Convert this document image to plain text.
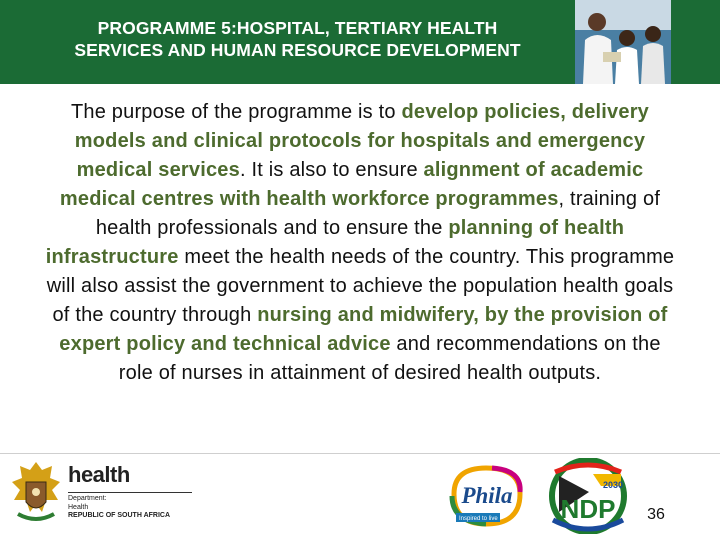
PROGRAMME 5:HOSPITAL, TERTIARY HEALTH
SERVICES AND HUMAN RESOURCE DEVELOPMENT
The purpose of the programme is to develop policies, delivery models and clinical protocols for hospitals and emergency medical services. It is also to ensure alignment of academic medical centres with health workforce programmes, training of health professionals and to ensure the planning of health infrastructure meet the health needs of the country. This programme will also assist the government to achieve the population health goals of the country through nursing and midwifery, by the provision of expert policy and technical advice and recommendations on the role of nurses in attainment of desired health outputs.
health
Department:
Health
REPUBLIC OF SOUTH AFRICA
Phila
Inspired to live
2030
NDP	36
